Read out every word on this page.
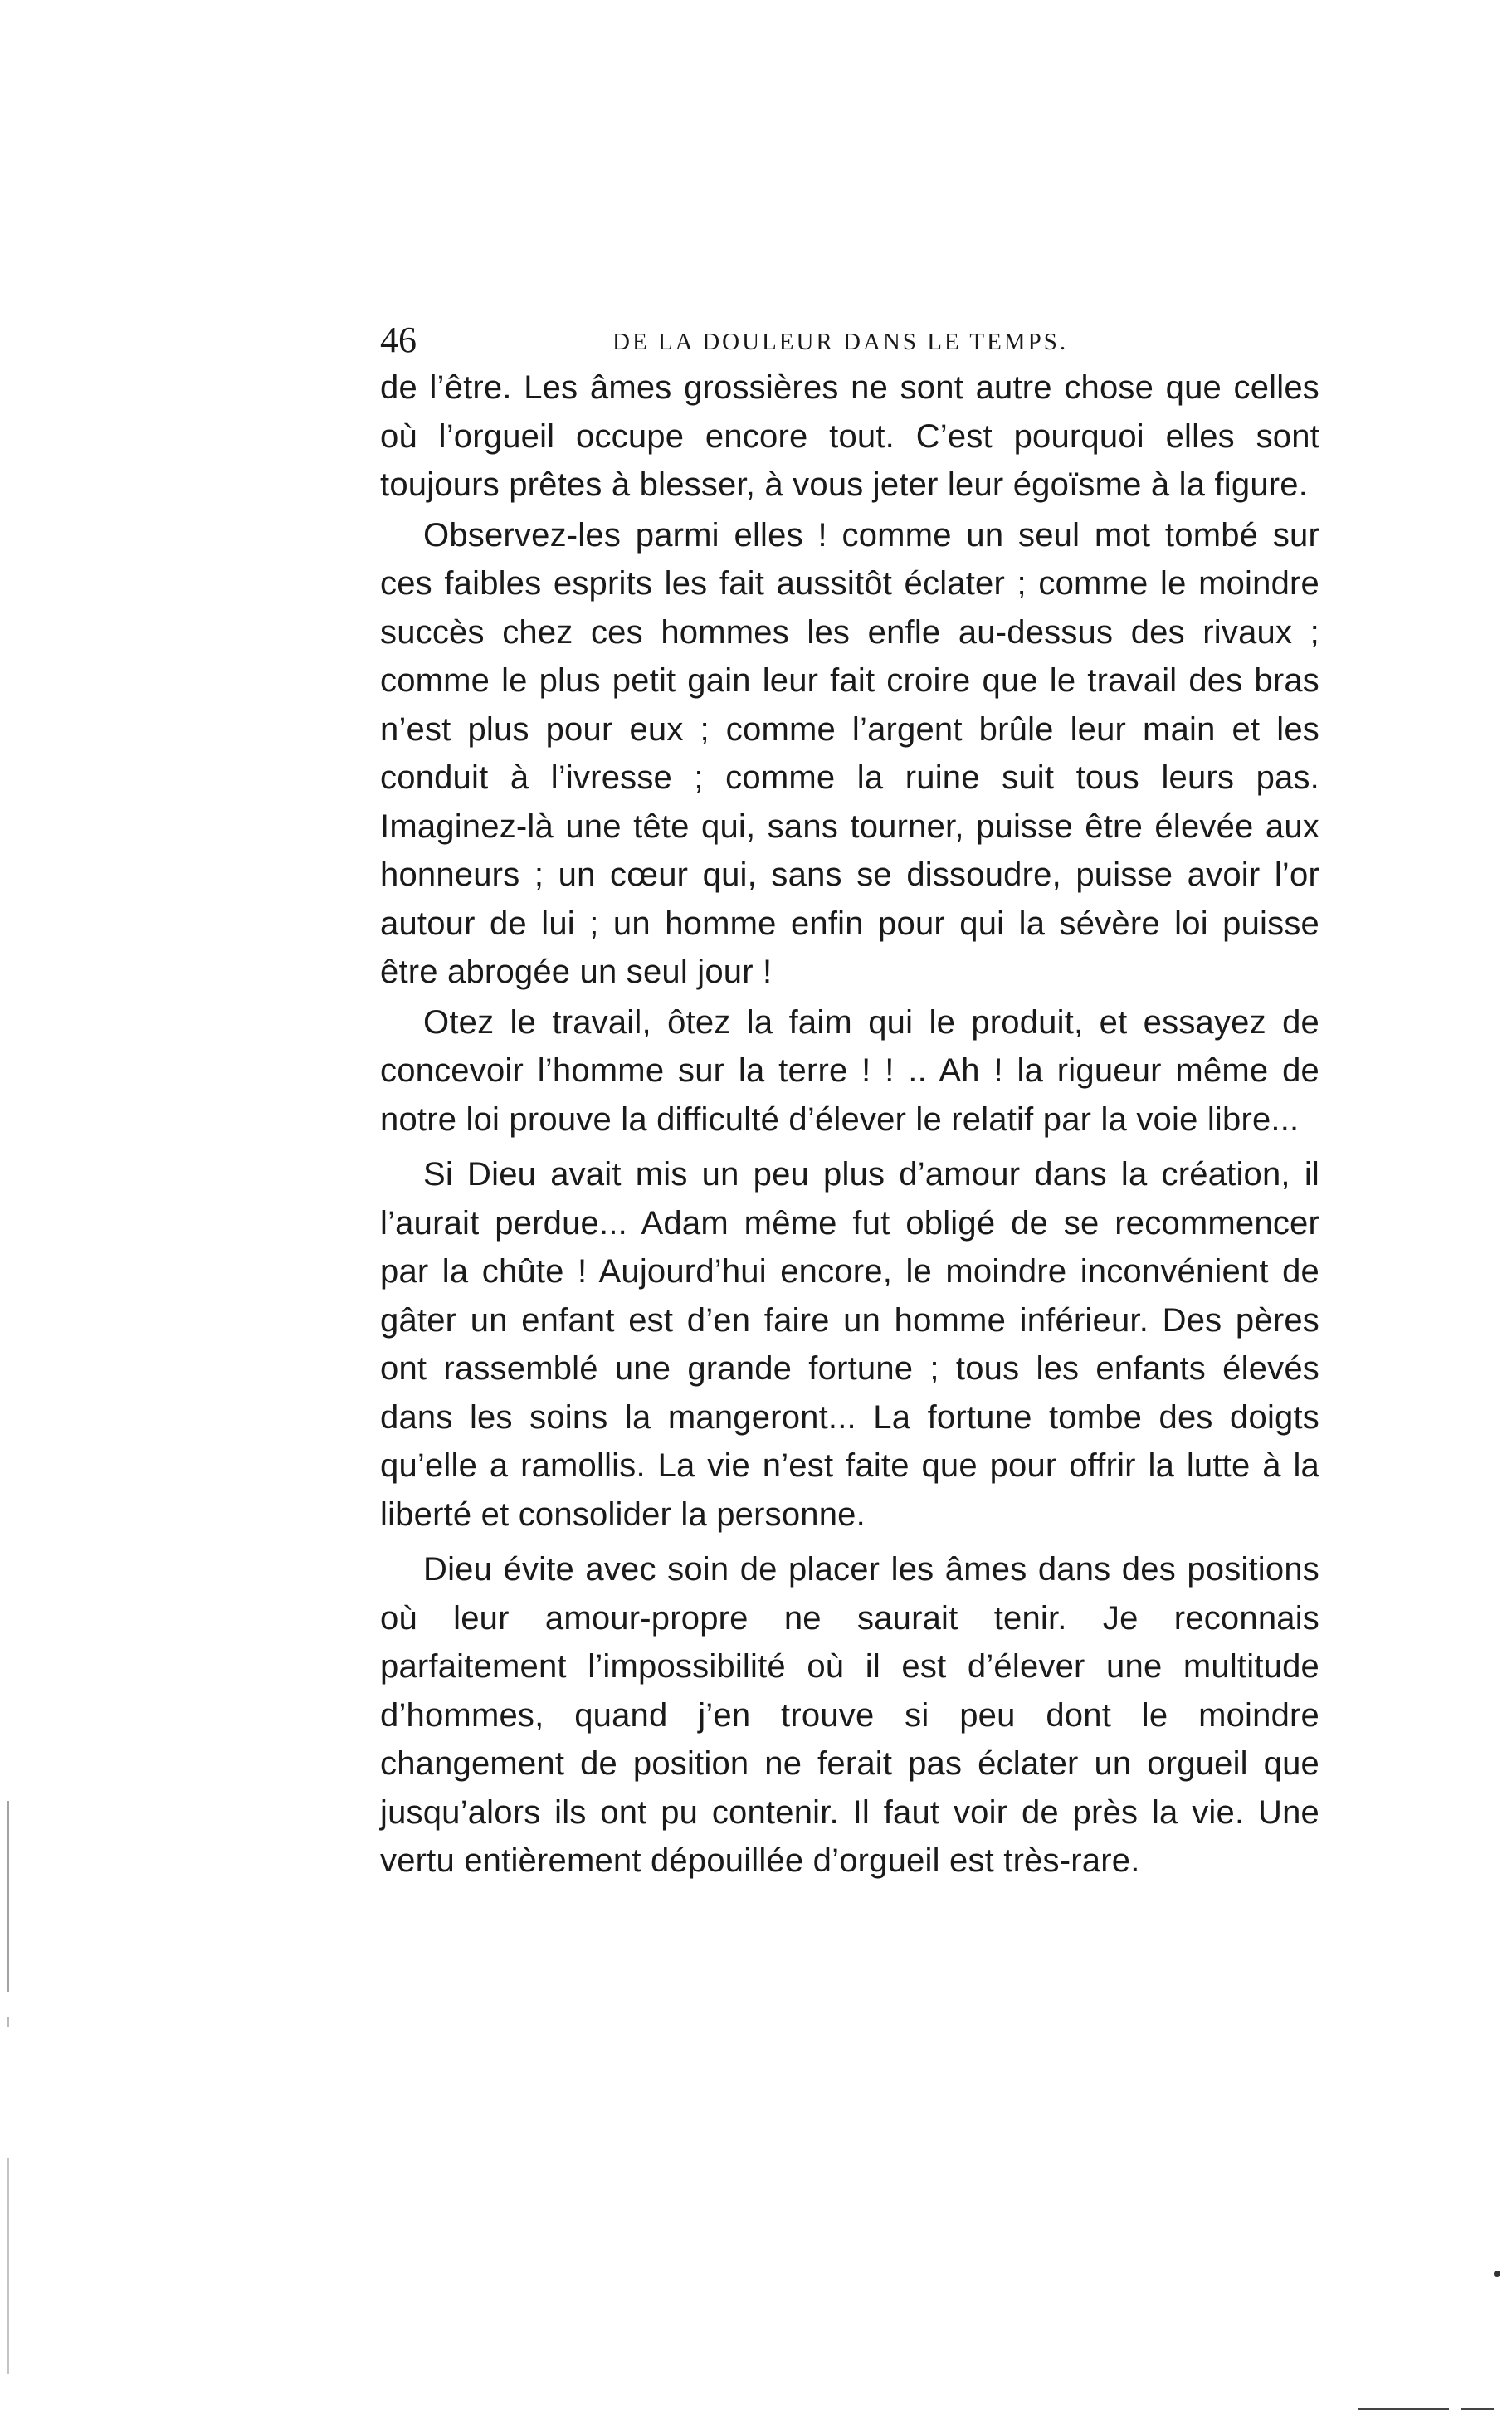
46	DE LA DOULEUR DANS LE TEMPS.

de l’être. Les âmes grossières ne sont autre chose que celles où l’orgueil occupe encore tout. C’est pourquoi elles sont toujours prêtes à blesser, à vous jeter leur égoïsme à la figure.

Observez-les parmi elles ! comme un seul mot tombé sur ces faibles esprits les fait aussitôt éclater ; comme le moindre succès chez ces hommes les enfle au-dessus des rivaux ; comme le plus petit gain leur fait croire que le travail des bras n’est plus pour eux ; comme l’argent brûle leur main et les conduit à l’ivresse ; comme la ruine suit tous leurs pas. Imaginez-là une tête qui, sans tourner, puisse être élevée aux honneurs ; un cœur qui, sans se dissoudre, puisse avoir l’or autour de lui ; un homme enfin pour qui la sévère loi puisse être abrogée un seul jour !

Otez le travail, ôtez la faim qui le produit, et essayez de concevoir l’homme sur la terre ! ! .. Ah ! la rigueur même de notre loi prouve la difficulté d’élever le relatif par la voie libre...

Si Dieu avait mis un peu plus d’amour dans la création, il l’aurait perdue... Adam même fut obligé de se recommencer par la chûte ! Aujourd’hui encore, le moindre inconvénient de gâter un enfant est d’en faire un homme inférieur. Des pères ont rassemblé une grande fortune ; tous les enfants élevés dans les soins la mangeront... La fortune tombe des doigts qu’elle a ramollis. La vie n’est faite que pour offrir la lutte à la liberté et consolider la personne.

Dieu évite avec soin de placer les âmes dans des positions où leur amour-propre ne saurait tenir. Je reconnais parfaitement l’impossibilité où il est d’élever une multitude d’hommes, quand j’en trouve si peu dont le moindre changement de position ne ferait pas éclater un orgueil que jusqu’alors ils ont pu contenir. Il faut voir de près la vie. Une vertu entièrement dépouillée d’orgueil est très-rare.
